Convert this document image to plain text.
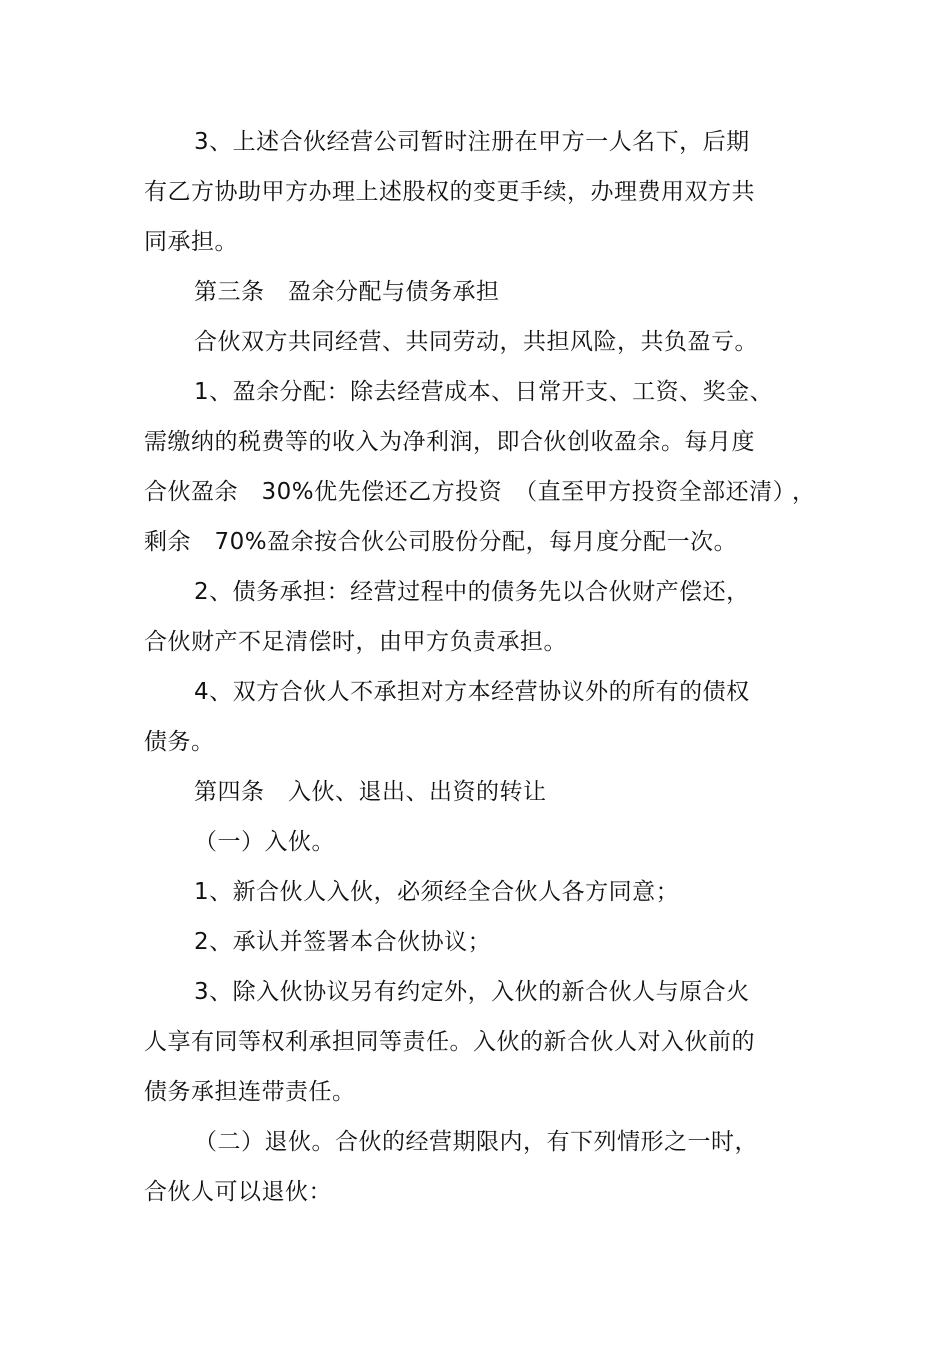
3、上述合伙经营公司暂时注册在甲方一人名下，后期
有乙方协助甲方办理上述股权的变更手续，办理费用双方共
同承担。
第三条　盈余分配与债务承担
合伙双方共同经营、共同劳动，共担风险，共负盈亏。
1、盈余分配：除去经营成本、日常开支、工资、奖金、
需缴纳的税费等的收入为净利润，即合伙创收盈余。每月度
合伙盈余　30%优先偿还乙方投资　（直至甲方投资全部还清）
，
剩余　70%盈余按合伙公司股份分配，每月度分配一次。
2、债务承担：经营过程中的债务先以合伙财产偿还，
合伙财产不足清偿时，由甲方负责承担。
4、双方合伙人不承担对方本经营协议外的所有的债权
债务。
第四条　入伙、退出、出资的转让
（一）入伙。
1、新合伙人入伙，必须经全合伙人各方同意；
2、承认并签署本合伙协议；
3、除入伙协议另有约定外，入伙的新合伙人与原合火
人享有同等权利承担同等责任。入伙的新合伙人对入伙前的
债务承担连带责任。
（二）退伙。合伙的经营期限内，有下列情形之一时，
合伙人可以退伙：
